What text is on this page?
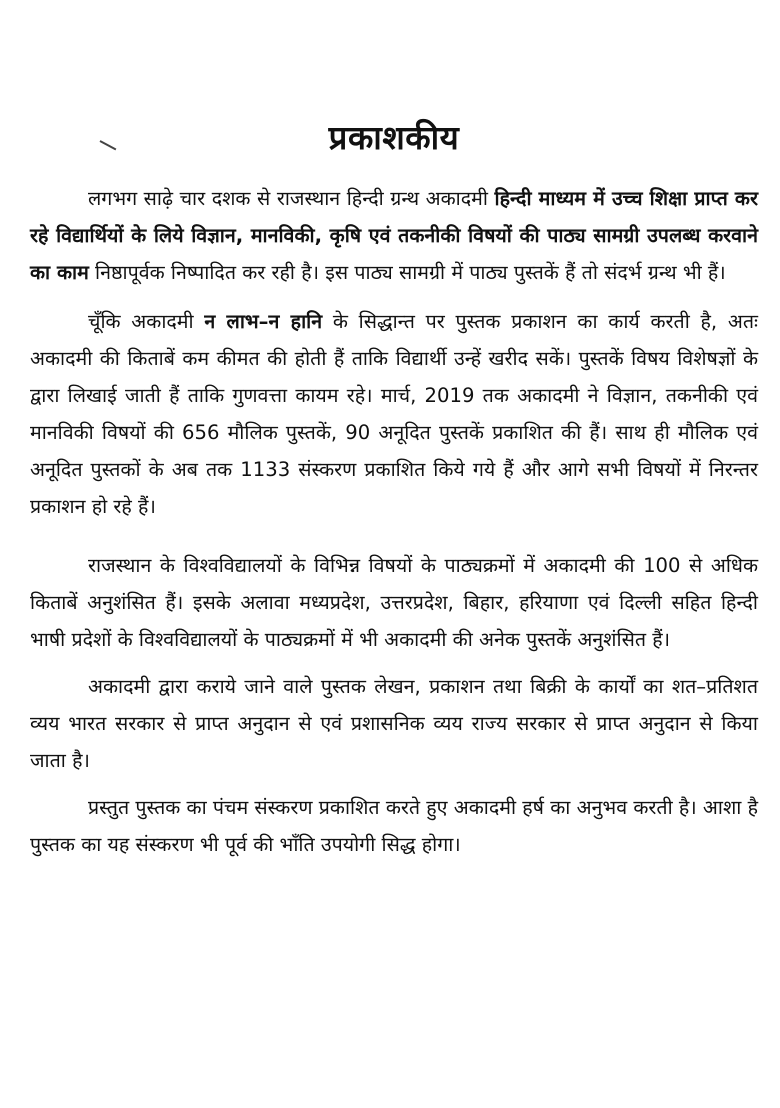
प्रकाशकीय

लगभग साढ़े चार दशक से राजस्थान हिन्दी ग्रन्थ अकादमी हिन्दी माध्यम में उच्च शिक्षा प्राप्त कर रहे विद्यार्थियों के लिये विज्ञान, मानविकी, कृषि एवं तकनीकी विषयों की पाठ्य सामग्री उपलब्ध करवाने का काम निष्ठापूर्वक निष्पादित कर रही है। इस पाठ्य सामग्री में पाठ्य पुस्तकें हैं तो संदर्भ ग्रन्थ भी हैं।

चूँकि अकादमी न लाभ–न हानि के सिद्धान्त पर पुस्तक प्रकाशन का कार्य करती है, अतः अकादमी की किताबें कम कीमत की होती हैं ताकि विद्यार्थी उन्हें खरीद सकें। पुस्तकें विषय विशेषज्ञों के द्वारा लिखाई जाती हैं ताकि गुणवत्ता कायम रहे। मार्च, 2019 तक अकादमी ने विज्ञान, तकनीकी एवं मानविकी विषयों की 656 मौलिक पुस्तकें, 90 अनूदित पुस्तकें प्रकाशित की हैं। साथ ही मौलिक एवं अनूदित पुस्तकों के अब तक 1133 संस्करण प्रकाशित किये गये हैं और आगे सभी विषयों में निरन्तर प्रकाशन हो रहे हैं।

राजस्थान के विश्वविद्यालयों के विभिन्न विषयों के पाठ्यक्रमों में अकादमी की 100 से अधिक किताबें अनुशंसित हैं। इसके अलावा मध्यप्रदेश, उत्तरप्रदेश, बिहार, हरियाणा एवं दिल्ली सहित हिन्दी भाषी प्रदेशों के विश्वविद्यालयों के पाठ्यक्रमों में भी अकादमी की अनेक पुस्तकें अनुशंसित हैं।

अकादमी द्वारा कराये जाने वाले पुस्तक लेखन, प्रकाशन तथा बिक्री के कार्यों का शत–प्रतिशत व्यय भारत सरकार से प्राप्त अनुदान से एवं प्रशासनिक व्यय राज्य सरकार से प्राप्त अनुदान से किया जाता है।

प्रस्तुत पुस्तक का पंचम संस्करण प्रकाशित करते हुए अकादमी हर्ष का अनुभव करती है। आशा है पुस्तक का यह संस्करण भी पूर्व की भाँति उपयोगी सिद्ध होगा।
